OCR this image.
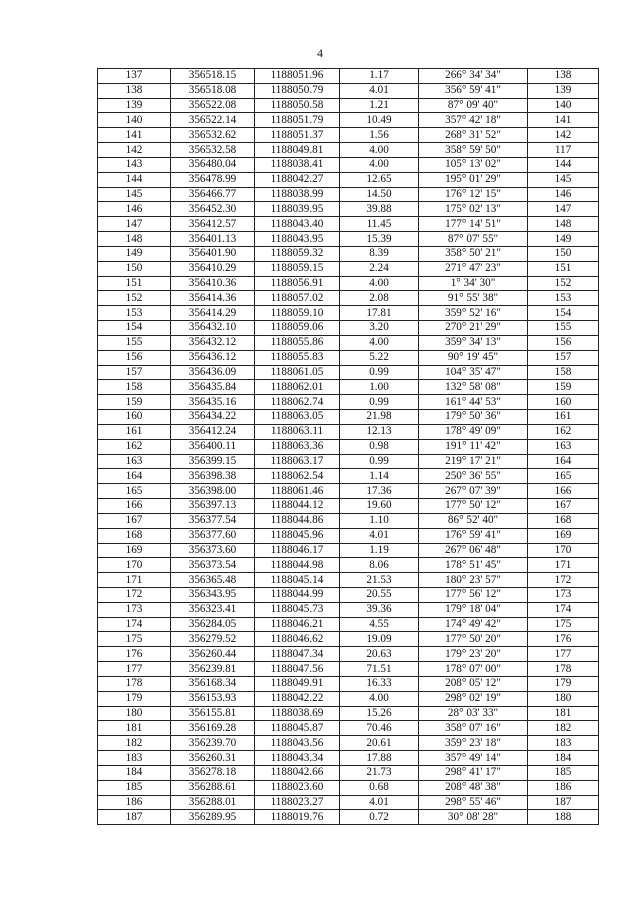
4
137	356518.15	1188051.96	1.17	266° 34' 34"	138
138	356518.08	1188050.79	4.01	356° 59' 41"	139
139	356522.08	1188050.58	1.21	87° 09' 40"	140
140	356522.14	1188051.79	10.49	357° 42' 18"	141
141	356532.62	1188051.37	1.56	268° 31' 52"	142
142	356532.58	1188049.81	4.00	358° 59' 50"	117
143	356480.04	1188038.41	4.00	105° 13' 02"	144
144	356478.99	1188042.27	12.65	195° 01' 29"	145
145	356466.77	1188038.99	14.50	176° 12' 15"	146
146	356452.30	1188039.95	39.88	175° 02' 13"	147
147	356412.57	1188043.40	11.45	177° 14' 51"	148
148	356401.13	1188043.95	15.39	87° 07' 55"	149
149	356401.90	1188059.32	8.39	358° 50' 21"	150
150	356410.29	1188059.15	2.24	271° 47' 23"	151
151	356410.36	1188056.91	4.00	1° 34' 30"	152
152	356414.36	1188057.02	2.08	91° 55' 38"	153
153	356414.29	1188059.10	17.81	359° 52' 16"	154
154	356432.10	1188059.06	3.20	270° 21' 29"	155
155	356432.12	1188055.86	4.00	359° 34' 13"	156
156	356436.12	1188055.83	5.22	90° 19' 45"	157
157	356436.09	1188061.05	0.99	104° 35' 47"	158
158	356435.84	1188062.01	1.00	132° 58' 08"	159
159	356435.16	1188062.74	0.99	161° 44' 53"	160
160	356434.22	1188063.05	21.98	179° 50' 36"	161
161	356412.24	1188063.11	12.13	178° 49' 09"	162
162	356400.11	1188063.36	0.98	191° 11' 42"	163
163	356399.15	1188063.17	0.99	219° 17' 21"	164
164	356398.38	1188062.54	1.14	250° 36' 55"	165
165	356398.00	1188061.46	17.36	267° 07' 39"	166
166	356397.13	1188044.12	19.60	177° 50' 12"	167
167	356377.54	1188044.86	1.10	86° 52' 40"	168
168	356377.60	1188045.96	4.01	176° 59' 41"	169
169	356373.60	1188046.17	1.19	267° 06' 48"	170
170	356373.54	1188044.98	8.06	178° 51' 45"	171
171	356365.48	1188045.14	21.53	180° 23' 57"	172
172	356343.95	1188044.99	20.55	177° 56' 12"	173
173	356323.41	1188045.73	39.36	179° 18' 04"	174
174	356284.05	1188046.21	4.55	174° 49' 42"	175
175	356279.52	1188046.62	19.09	177° 50' 20"	176
176	356260.44	1188047.34	20.63	179° 23' 20"	177
177	356239.81	1188047.56	71.51	178° 07' 00"	178
178	356168.34	1188049.91	16.33	208° 05' 12"	179
179	356153.93	1188042.22	4.00	298° 02' 19"	180
180	356155.81	1188038.69	15.26	28° 03' 33"	181
181	356169.28	1188045.87	70.46	358° 07' 16"	182
182	356239.70	1188043.56	20.61	359° 23' 18"	183
183	356260.31	1188043.34	17.88	357° 49' 14"	184
184	356278.18	1188042.66	21.73	298° 41' 17"	185
185	356288.61	1188023.60	0.68	208° 48' 38"	186
186	356288.01	1188023.27	4.01	298° 55' 46"	187
187	356289.95	1188019.76	0.72	30° 08' 28"	188
